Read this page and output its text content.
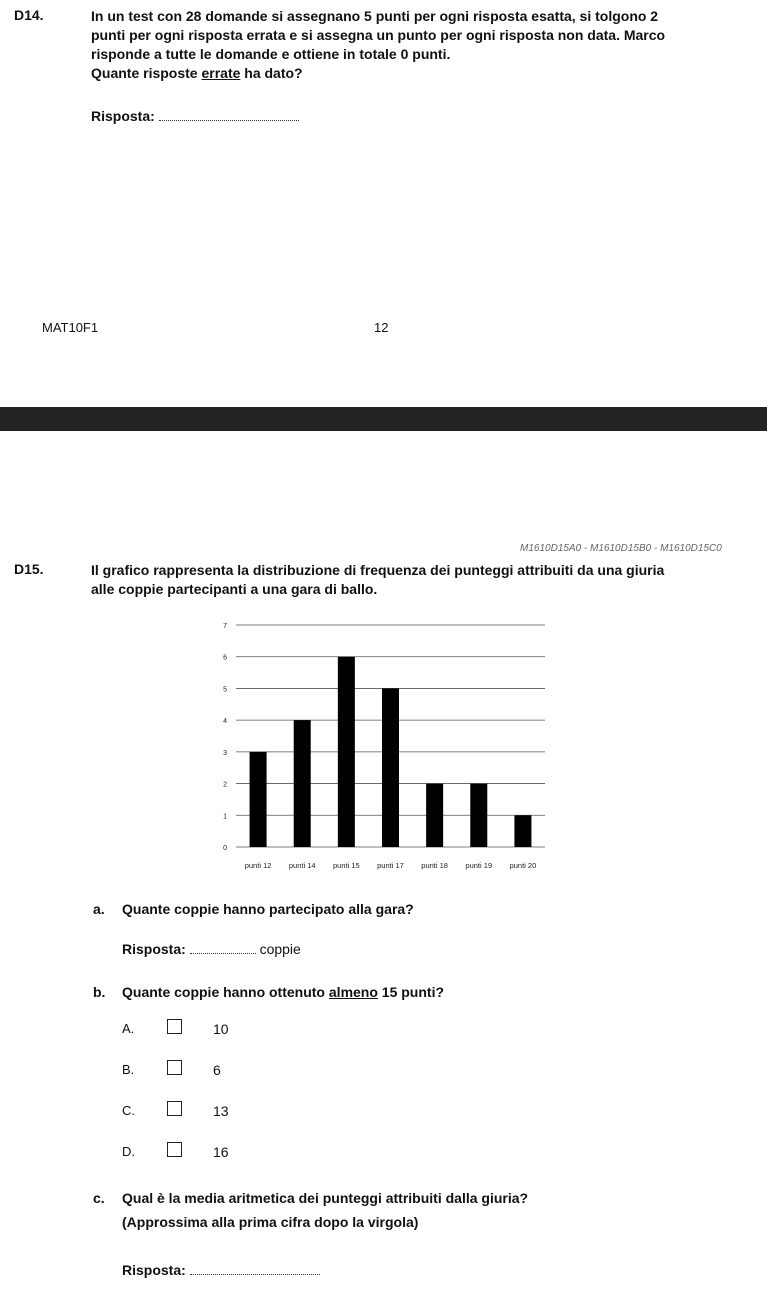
D14.	In un test con 28 domande si assegnano 5 punti per ogni risposta esatta, si tolgono 2
punti per ogni risposta errata e si assegna un punto per ogni risposta non data. Marco
risponde a tutte le domande e ottiene in totale 0 punti.
Quante risposte errate ha dato?
Risposta:
MAT10F1	12
M1610D15A0 - M1610D15B0 - M1610D15C0
D15.	Il grafico rappresenta la distribuzione di frequenza dei punteggi attribuiti da una giuria
alle coppie partecipanti a una gara di ballo.
0
1
2
3
4
5
6
7
punti 12 punti 14 punti 15 punti 17 punti 18 punti 19 punti 20
a. Quante coppie hanno partecipato alla gara?
Risposta:	coppie
b. Quante coppie hanno ottenuto almeno 15 punti?
A.	10
B.	6
C.	13
D.	16
c. Qual è la media aritmetica dei punteggi attribuiti dalla giuria?
(Approssima alla prima cifra dopo la virgola)
Risposta:
